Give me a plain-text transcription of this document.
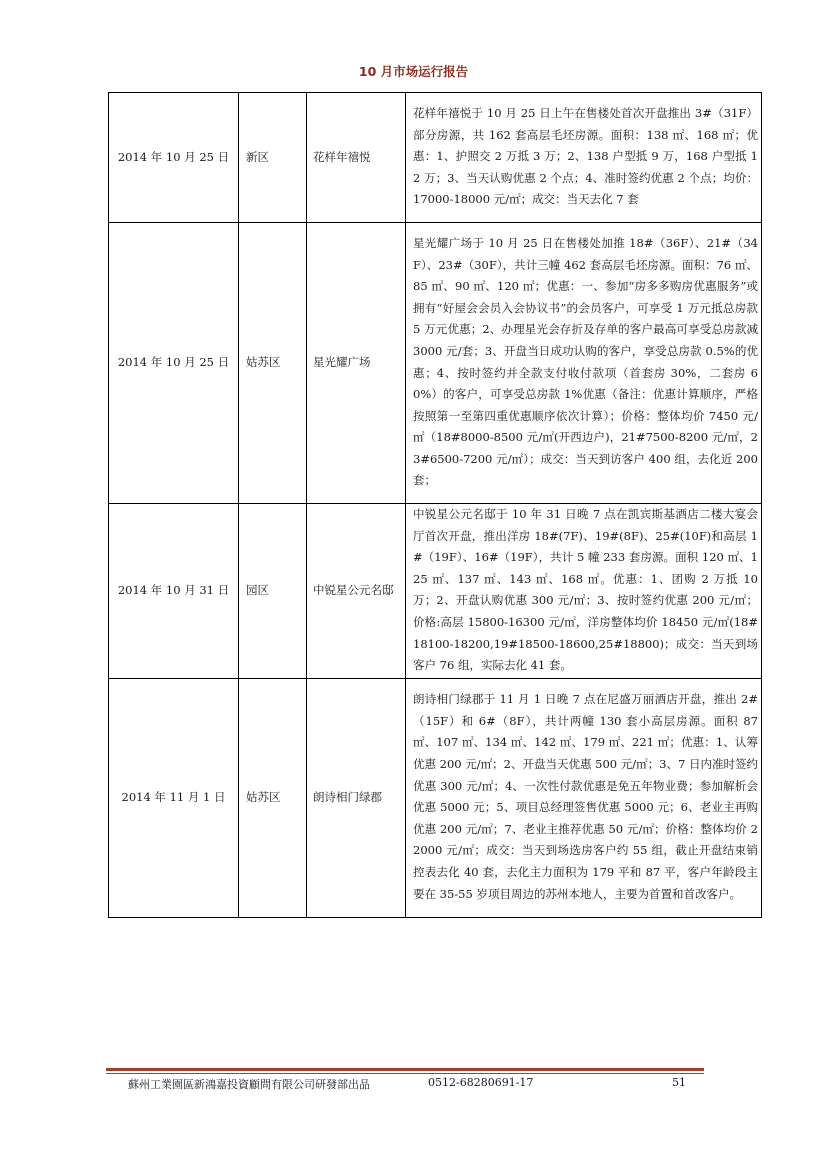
10 月市场运行报告
2014 年 10 月 25 日	新区	花样年禧悦	花样年禧悦于 10 月 25 日上午在售楼处首次开盘推出 3#（31F）部分房源，共 162 套高层毛坯房源。面积：138 ㎡、168 ㎡；优惠：1、护照交 2 万抵 3 万；2、138 户型抵 9 万，168 户型抵 12 万；3、当天认购优惠 2 个点；4、准时签约优惠 2 个点；均价：17000-18000 元/㎡；成交：当天去化 7 套
2014 年 10 月 25 日	姑苏区	星光耀广场	星光耀广场于 10 月 25 日在售楼处加推 18#（36F）、21#（34F）、23#（30F），共计三幢 462 套高层毛坯房源。面积：76 ㎡、85 ㎡、90 ㎡、120 ㎡；优惠：一、参加“房多多购房优惠服务”或拥有“好屋会会员入会协议书”的会员客户，可享受 1 万元抵总房款 5 万元优惠；2、办理星光会存折及存单的客户最高可享受总房款减 3000 元/套；3、开盘当日成功认购的客户，享受总房款 0.5%的优惠；4、按时签约并全款支付收付款项（首套房 30%，二套房 60%）的客户，可享受总房款 1%优惠（备注：优惠计算顺序，严格按照第一至第四重优惠顺序依次计算）；价格：整体均价 7450 元/㎡（18#8000-8500 元/㎡(开西边户)，21#7500-8200 元/㎡，23#6500-7200 元/㎡）；成交：当天到访客户 400 组，去化近 200 套；
2014 年 10 月 31 日	园区	中锐星公元名邸	中锐星公元名邸于 10 年 31 日晚 7 点在凯宾斯基酒店二楼大宴会厅首次开盘，推出洋房 18#(7F)、19#(8F)、25#(10F)和高层 1#（19F）、16#（19F），共计 5 幢 233 套房源。面积 120 ㎡、125 ㎡、137 ㎡、143 ㎡、168 ㎡。优惠：1、团购 2 万抵 10 万；2、开盘认购优惠 300 元/㎡；3、按时签约优惠 200 元/㎡；价格:高层 15800-16300 元/㎡，洋房整体均价 18450 元/㎡(18#18100-18200,19#18500-18600,25#18800)；成交：当天到场客户 76 组，实际去化 41 套。
2014 年 11 月 1 日	姑苏区	朗诗相门绿郡	朗诗相门绿郡于 11 月 1 日晚 7 点在尼盛万丽酒店开盘，推出 2#（15F）和 6#（8F），共计两幢 130 套小高层房源。面积 87 ㎡、107 ㎡、134 ㎡、142 ㎡、179 ㎡、221 ㎡；优惠：1、认筹优惠 200 元/㎡；2、开盘当天优惠 500 元/㎡；3、7 日内准时签约优惠 300 元/㎡；4、一次性付款优惠是免五年物业费；参加解析会优惠 5000 元；5、项目总经理签售优惠 5000 元；6、老业主再购优惠 200 元/㎡；7、老业主推荐优惠 50 元/㎡；价格：整体均价 22000 元/㎡；成交：当天到场选房客户约 55 组，截止开盘结束销控表去化 40 套，去化主力面积为 179 平和 87 平，客户年龄段主要在 35-55 岁项目周边的苏州本地人，主要为首置和首改客户。
蘇州工業園區新鴻嘉投資顧問有限公司研發部出品	0512-68280691-17	51
